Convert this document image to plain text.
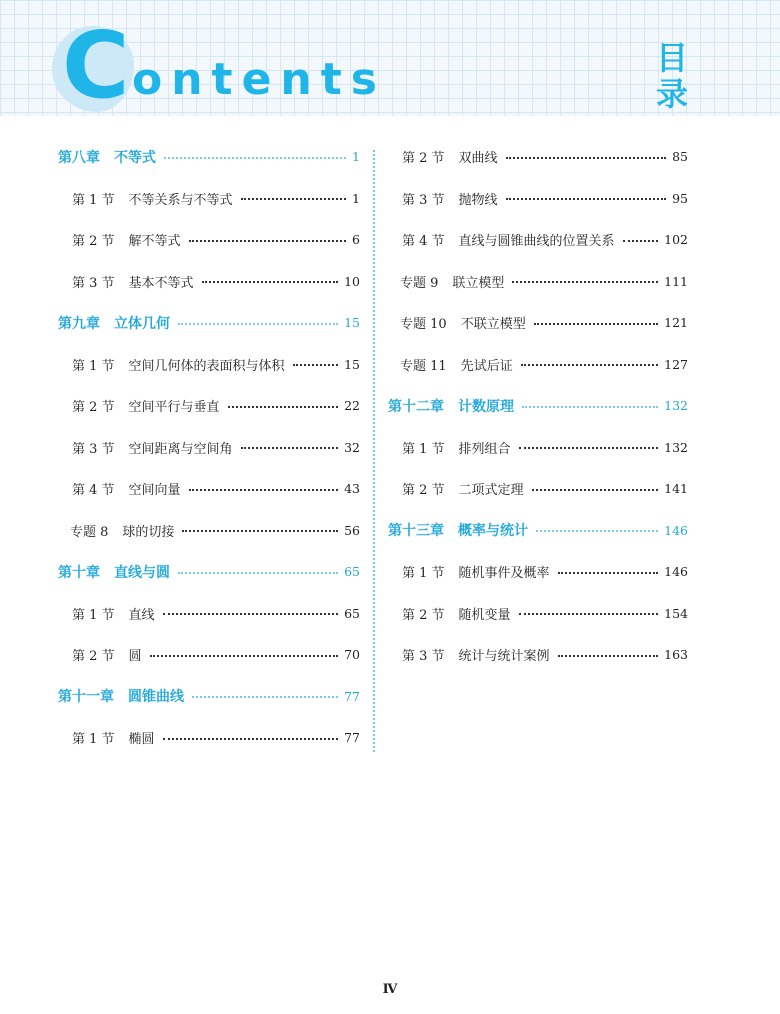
C ontents	目
录
第八章 不等式	1
第 1 节 不等关系与不等式	1
第 2 节 解不等式	6
第 3 节 基本不等式	10
第九章 立体几何	15
第 1 节 空间几何体的表面积与体积	15
第 2 节 空间平行与垂直	22
第 3 节 空间距离与空间角	32
第 4 节 空间向量	43
专题 8 球的切接	56
第十章 直线与圆	65
第 1 节 直线	65
第 2 节 圆	70
第十一章 圆锥曲线	77
第 1 节 椭圆	77
第 2 节 双曲线	85
第 3 节 抛物线	95
第 4 节 直线与圆锥曲线的位置关系	102
专题 9 联立模型	111
专题 10 不联立模型	121
专题 11 先试后证	127
第十二章 计数原理	132
第 1 节 排列组合	132
第 2 节 二项式定理	141
第十三章 概率与统计	146
第 1 节 随机事件及概率	146
第 2 节 随机变量	154
第 3 节 统计与统计案例	163
Ⅳ
